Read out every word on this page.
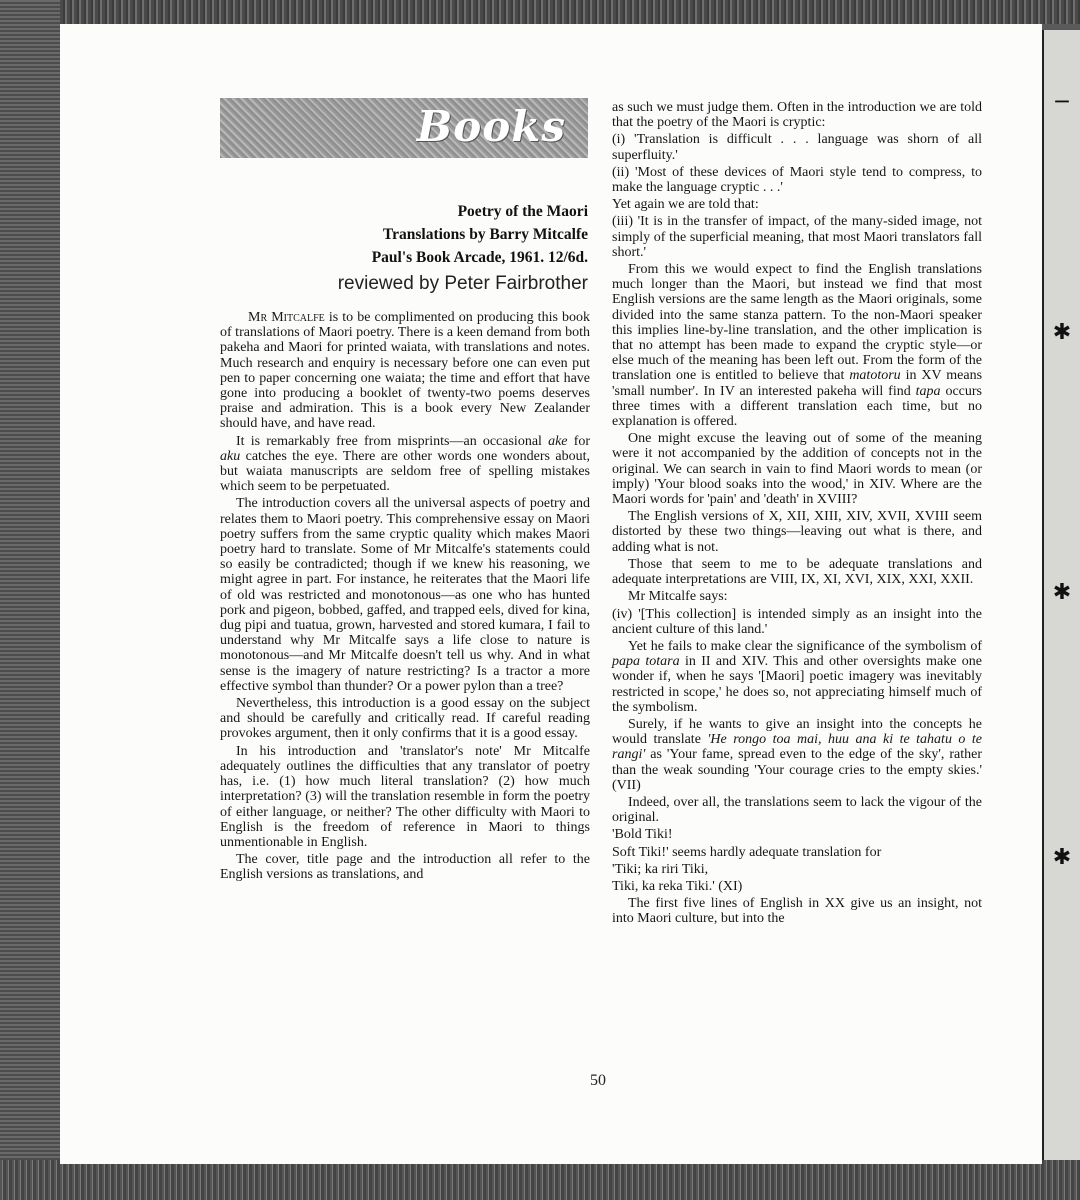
─
✱
✱
✱
Books
Poetry of the Maori
Translations by Barry Mitcalfe
Paul's Book Arcade, 1961. 12/6d.
reviewed by Peter Fairbrother

Mr Mitcalfe is to be complimented on producing this book of translations of Maori poetry. There is a keen demand from both pakeha and Maori for printed waiata, with translations and notes. Much research and enquiry is necessary before one can even put pen to paper concerning one waiata; the time and effort that have gone into producing a booklet of twenty-two poems deserves praise and admiration. This is a book every New Zealander should have, and have read.

It is remarkably free from misprints—an occasional ake for aku catches the eye. There are other words one wonders about, but waiata manuscripts are seldom free of spelling mistakes which seem to be perpetuated.

The introduction covers all the universal aspects of poetry and relates them to Maori poetry. This comprehensive essay on Maori poetry suffers from the same cryptic quality which makes Maori poetry hard to translate. Some of Mr Mitcalfe's statements could so easily be contradicted; though if we knew his reasoning, we might agree in part. For instance, he reiterates that the Maori life of old was restricted and monotonous—as one who has hunted pork and pigeon, bobbed, gaffed, and trapped eels, dived for kina, dug pipi and tuatua, grown, harvested and stored kumara, I fail to understand why Mr Mitcalfe says a life close to nature is monotonous—and Mr Mitcalfe doesn't tell us why. And in what sense is the imagery of nature restricting? Is a tractor a more effective symbol than thunder? Or a power pylon than a tree?

Nevertheless, this introduction is a good essay on the subject and should be carefully and critically read. If careful reading provokes argument, then it only confirms that it is a good essay.

In his introduction and 'translator's note' Mr Mitcalfe adequately outlines the difficulties that any translator of poetry has, i.e. (1) how much literal translation? (2) how much interpretation? (3) will the translation resemble in form the poetry of either language, or neither? The other difficulty with Maori to English is the freedom of reference in Maori to things unmentionable in English.

The cover, title page and the introduction all refer to the English versions as translations, and

as such we must judge them. Often in the introduction we are told that the poetry of the Maori is cryptic:

(i) 'Translation is difficult . . . language was shorn of all superfluity.'

(ii) 'Most of these devices of Maori style tend to compress, to make the language cryptic . . .'

Yet again we are told that:

(iii) 'It is in the transfer of impact, of the many-sided image, not simply of the superficial meaning, that most Maori translators fall short.'

From this we would expect to find the English translations much longer than the Maori, but instead we find that most English versions are the same length as the Maori originals, some divided into the same stanza pattern. To the non-Maori speaker this implies line-by-line translation, and the other implication is that no attempt has been made to expand the cryptic style—or else much of the meaning has been left out. From the form of the translation one is entitled to believe that matotoru in XV means 'small number'. In IV an interested pakeha will find tapa occurs three times with a different translation each time, but no explanation is offered.

One might excuse the leaving out of some of the meaning were it not accompanied by the addition of concepts not in the original. We can search in vain to find Maori words to mean (or imply) 'Your blood soaks into the wood,' in XIV. Where are the Maori words for 'pain' and 'death' in XVIII?

The English versions of X, XII, XIII, XIV, XVII, XVIII seem distorted by these two things—leaving out what is there, and adding what is not.

Those that seem to me to be adequate translations and adequate interpretations are VIII, IX, XI, XVI, XIX, XXI, XXII.

Mr Mitcalfe says:

(iv) '[This collection] is intended simply as an insight into the ancient culture of this land.'

Yet he fails to make clear the significance of the symbolism of papa totara in II and XIV. This and other oversights make one wonder if, when he says '[Maori] poetic imagery was inevitably restricted in scope,' he does so, not appreciating himself much of the symbolism.

Surely, if he wants to give an insight into the concepts he would translate 'He rongo toa mai, huu ana ki te tahatu o te rangi' as 'Your fame, spread even to the edge of the sky', rather than the weak sounding 'Your courage cries to the empty skies.' (VII)

Indeed, over all, the translations seem to lack the vigour of the original.

'Bold Tiki!

Soft Tiki!' seems hardly adequate translation for

'Tiki; ka riri Tiki,

Tiki, ka reka Tiki.' (XI)

The first five lines of English in XX give us an insight, not into Maori culture, but into the

50
